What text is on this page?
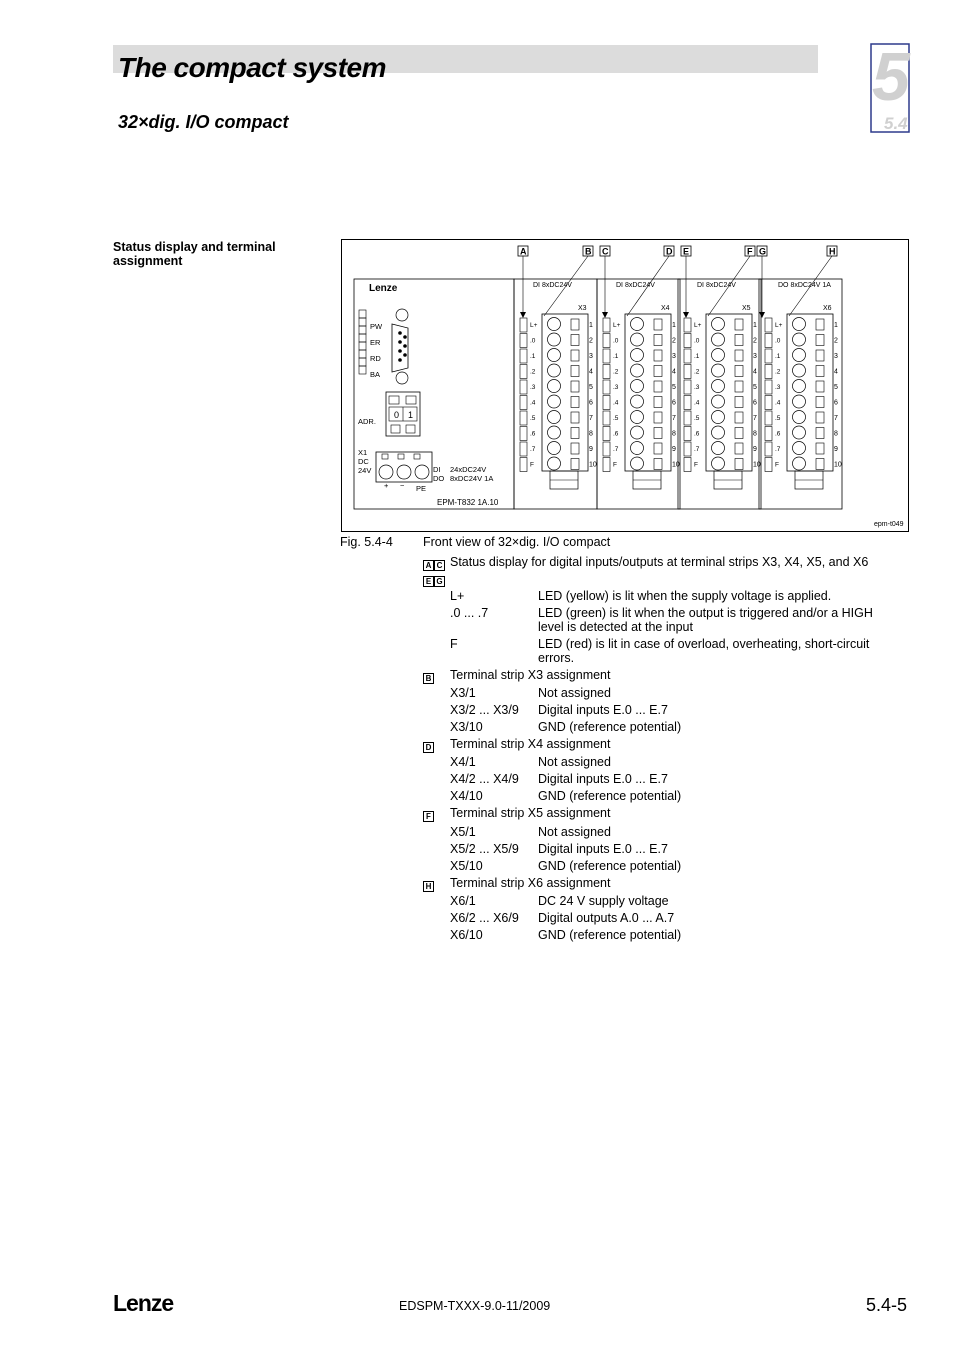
The compact system
32×dig. I/O compact
5
5.4
Status display and terminal assignment
Lenze
PW
ER
RD
BA
0 1
ADR.
X1
DC
24V
+ − PE
DI 24xDC24V
DO 8xDC24V 1A
EPM-T832 1A.10
DI 8xDC24V
X3
A	B
L+
.0
.1
.2
.3
.4
.5
.6
.7
F
1
2
3
4
5
6
7
8
9
10
DI 8xDC24V
X4
C	D
L+
.0
.1
.2
.3
.4
.5
.6
.7
F
1
2
3
4
5
6
7
8
9
10
DI 8xDC24V
X5
E	F
L+
.0
.1
.2
.3
.4
.5
.6
.7
F
1
2
3
4
5
6
7
8
9
10
DO 8xDC24V 1A
X6
G	H
L+
.0
.1
.2
.3
.4
.5
.6
.7
F
1
2
3
4
5
6
7
8
9
10
epm-t049
Fig. 5.4-4 Front view of 32×dig. I/O compact
A C
E G
Status display for digital inputs/outputs at terminal strips X3, X4, X5, and X6
L+	LED (yellow) is lit when the supply voltage is applied.
.0 ... .7	LED (green) is lit when the output is triggered and/or a HIGH level is detected at the input
F	LED (red) is lit in case of overload, overheating, short-circuit errors.
B Terminal strip X3 assignment
X3/1	Not assigned
X3/2 ... X3/9 Digital inputs E.0 ... E.7
X3/10	GND (reference potential)
D Terminal strip X4 assignment
X4/1	Not assigned
X4/2 ... X4/9 Digital inputs E.0 ... E.7
X4/10	GND (reference potential)
F Terminal strip X5 assignment
X5/1	Not assigned
X5/2 ... X5/9 Digital inputs E.0 ... E.7
X5/10	GND (reference potential)
H Terminal strip X6 assignment
X6/1	DC 24 V supply voltage
X6/2 ... X6/9 Digital outputs A.0 ... A.7
X6/10	GND (reference potential)
Lenze	EDSPM-TXXX-9.0-11/2009	5.4-5
